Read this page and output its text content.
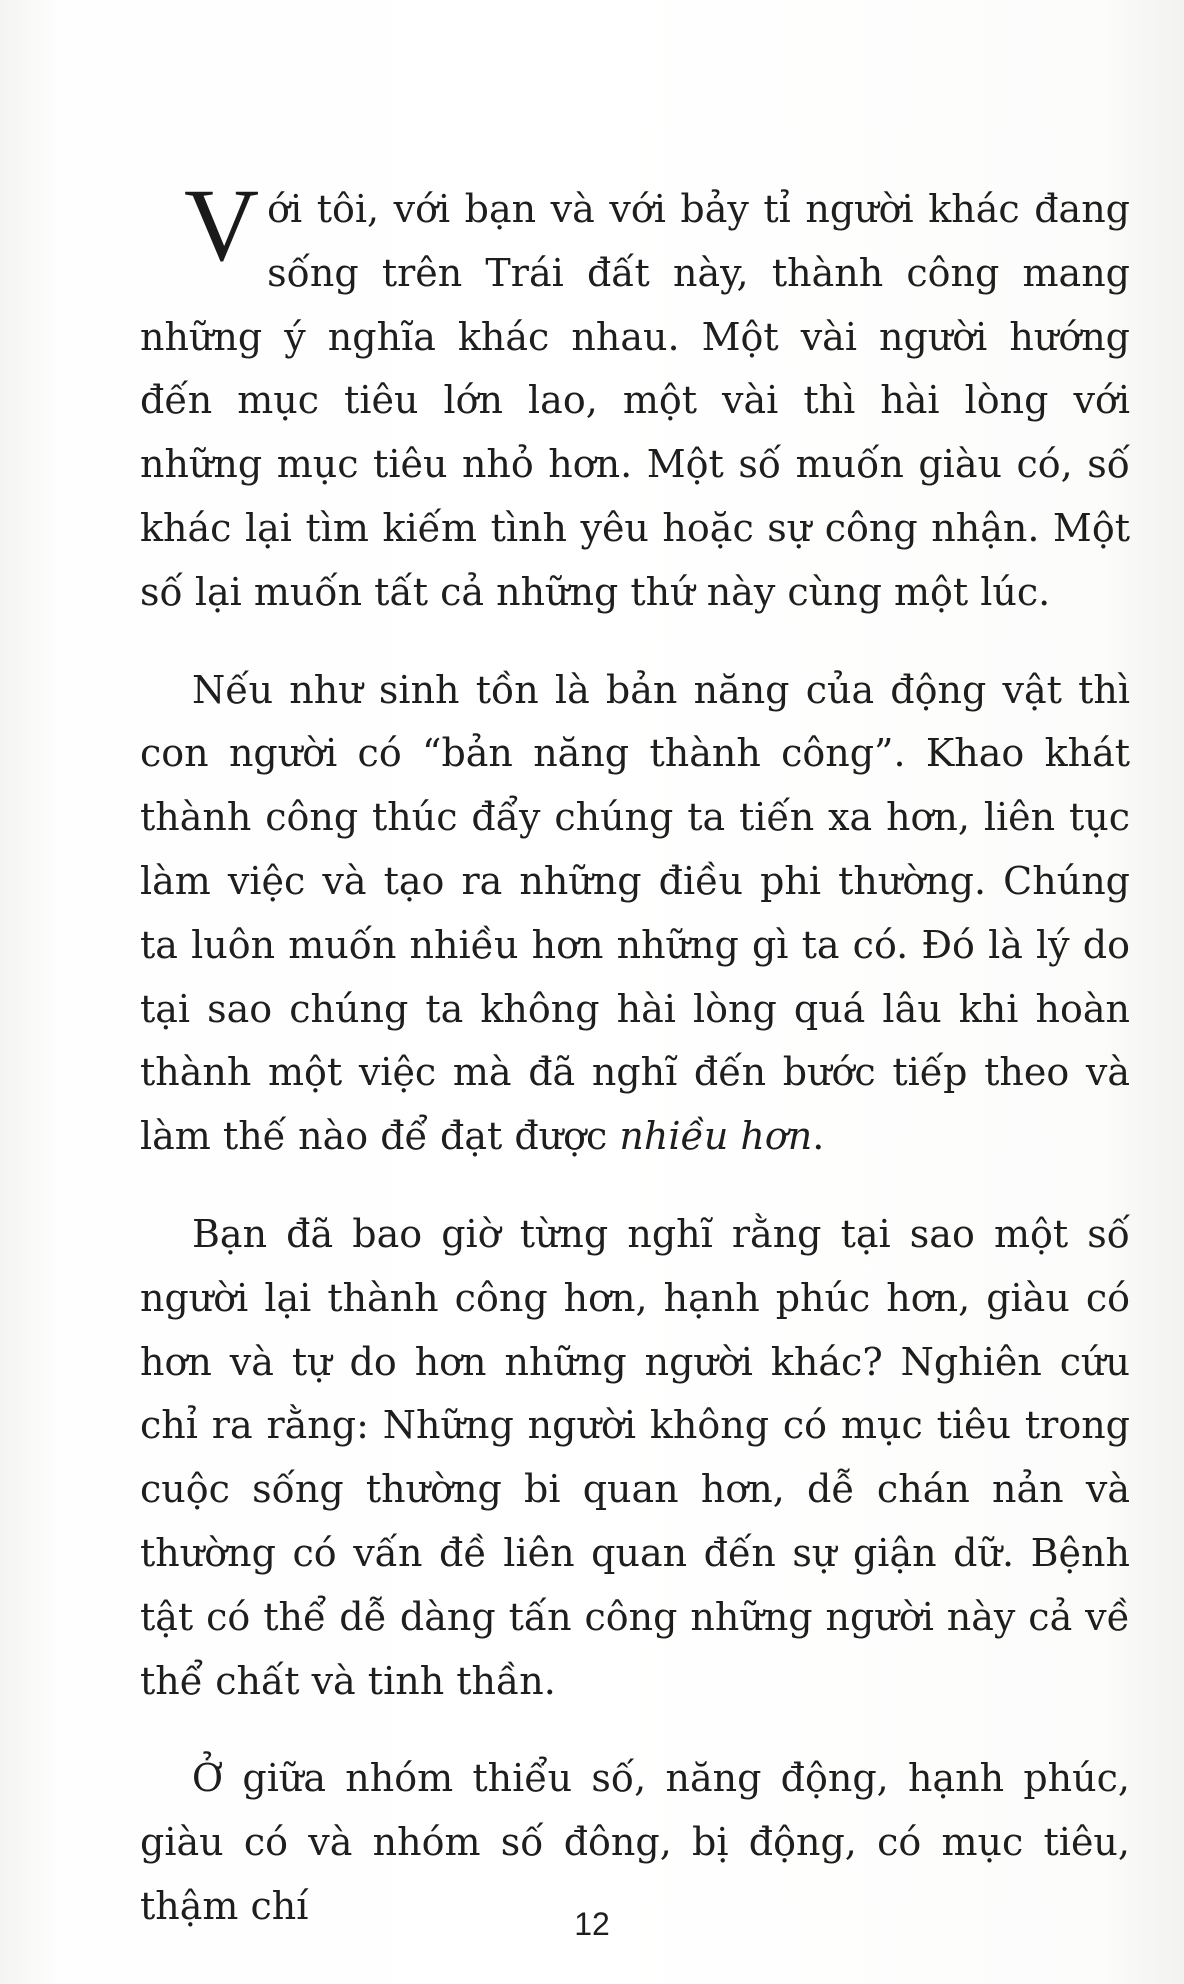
Với tôi, với bạn và với bảy tỉ người khác đang sống trên Trái đất này, thành công mang những ý nghĩa khác nhau. Một vài người hướng đến mục tiêu lớn lao, một vài thì hài lòng với những mục tiêu nhỏ hơn. Một số muốn giàu có, số khác lại tìm kiếm tình yêu hoặc sự công nhận. Một số lại muốn tất cả những thứ này cùng một lúc.

Nếu như sinh tồn là bản năng của động vật thì con người có “bản năng thành công”. Khao khát thành công thúc đẩy chúng ta tiến xa hơn, liên tục làm việc và tạo ra những điều phi thường. Chúng ta luôn muốn nhiều hơn những gì ta có. Đó là lý do tại sao chúng ta không hài lòng quá lâu khi hoàn thành một việc mà đã nghĩ đến bước tiếp theo và làm thế nào để đạt được nhiều hơn.

Bạn đã bao giờ từng nghĩ rằng tại sao một số người lại thành công hơn, hạnh phúc hơn, giàu có hơn và tự do hơn những người khác? Nghiên cứu chỉ ra rằng: Những người không có mục tiêu trong cuộc sống thường bi quan hơn, dễ chán nản và thường có vấn đề liên quan đến sự giận dữ. Bệnh tật có thể dễ dàng tấn công những người này cả về thể chất và tinh thần.

Ở giữa nhóm thiểu số, năng động, hạnh phúc, giàu có và nhóm số đông, bị động, có mục tiêu, thậm chí	12
